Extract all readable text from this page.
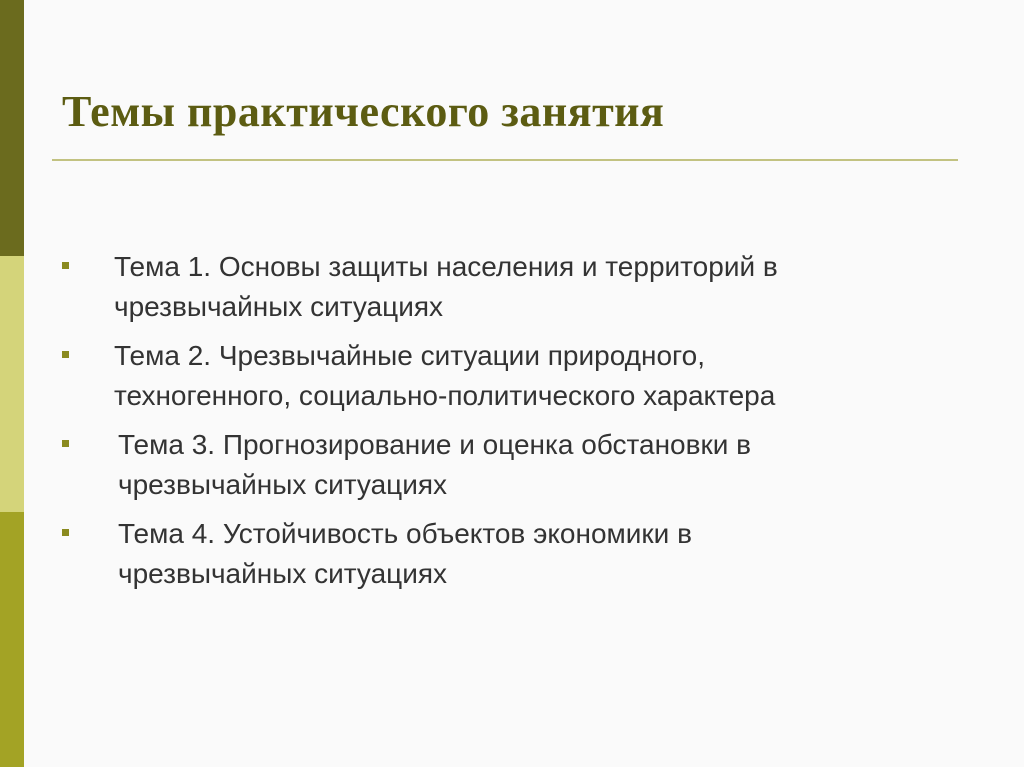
Темы практического занятия
Тема 1. Основы защиты населения и территорий в
чрезвычайных ситуациях
Тема 2. Чрезвычайные ситуации природного,
техногенного, социально-политического характера
Тема 3. Прогнозирование и оценка обстановки в
чрезвычайных ситуациях
Тема 4. Устойчивость объектов экономики в
чрезвычайных ситуациях
